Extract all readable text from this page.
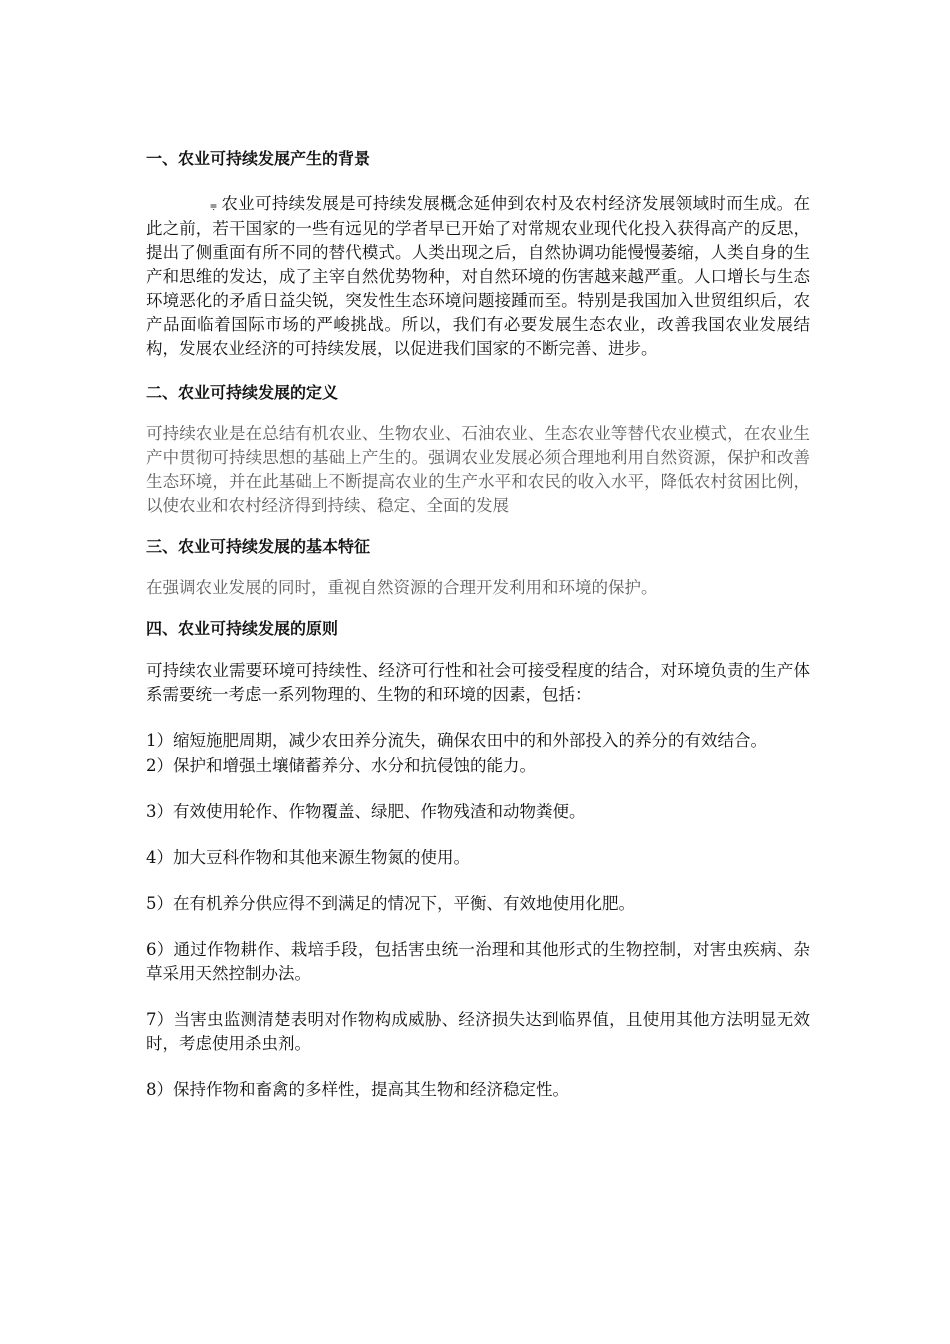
一、农业可持续发展产生的背景

⩦ 农业可持续发展是可持续发展概念延伸到农村及农村经济发展领域时而生成。在此之前，若干国家的一些有远见的学者早已开始了对常规农业现代化投入获得高产的反思，提出了侧重面有所不同的替代模式。人类出现之后，自然协调功能慢慢萎缩，人类自身的生产和思维的发达，成了主宰自然优势物种，对自然环境的伤害越来越严重。人口增长与生态环境恶化的矛盾日益尖锐，突发性生态环境问题接踵而至。特别是我国加入世贸组织后，农产品面临着国际市场的严峻挑战。所以，我们有必要发展生态农业，改善我国农业发展结构，发展农业经济的可持续发展，以促进我们国家的不断完善、进步。

二、农业可持续发展的定义

可持续农业是在总结有机农业、生物农业、石油农业、生态农业等替代农业模式，在农业生产中贯彻可持续思想的基础上产生的。强调农业发展必须合理地利用自然资源，保护和改善生态环境，并在此基础上不断提高农业的生产水平和农民的收入水平，降低农村贫困比例，以使农业和农村经济得到持续、稳定、全面的发展

三、农业可持续发展的基本特征

在强调农业发展的同时，重视自然资源的合理开发利用和环境的保护。

四、农业可持续发展的原则

可持续农业需要环境可持续性、经济可行性和社会可接受程度的结合，对环境负责的生产体系需要统一考虑一系列物理的、生物的和环境的因素，包括：

1）缩短施肥周期，减少农田养分流失，确保农田中的和外部投入的养分的有效结合。

2）保护和增强土壤储蓄养分、水分和抗侵蚀的能力。

3）有效使用轮作、作物覆盖、绿肥、作物残渣和动物粪便。

4）加大豆科作物和其他来源生物氮的使用。

5）在有机养分供应得不到满足的情况下，平衡、有效地使用化肥。

6）通过作物耕作、栽培手段，包括害虫统一治理和其他形式的生物控制，对害虫疾病、杂草采用天然控制办法。

7）当害虫监测清楚表明对作物构成威胁、经济损失达到临界值，且使用其他方法明显无效时，考虑使用杀虫剂。

8）保持作物和畜禽的多样性，提高其生物和经济稳定性。
